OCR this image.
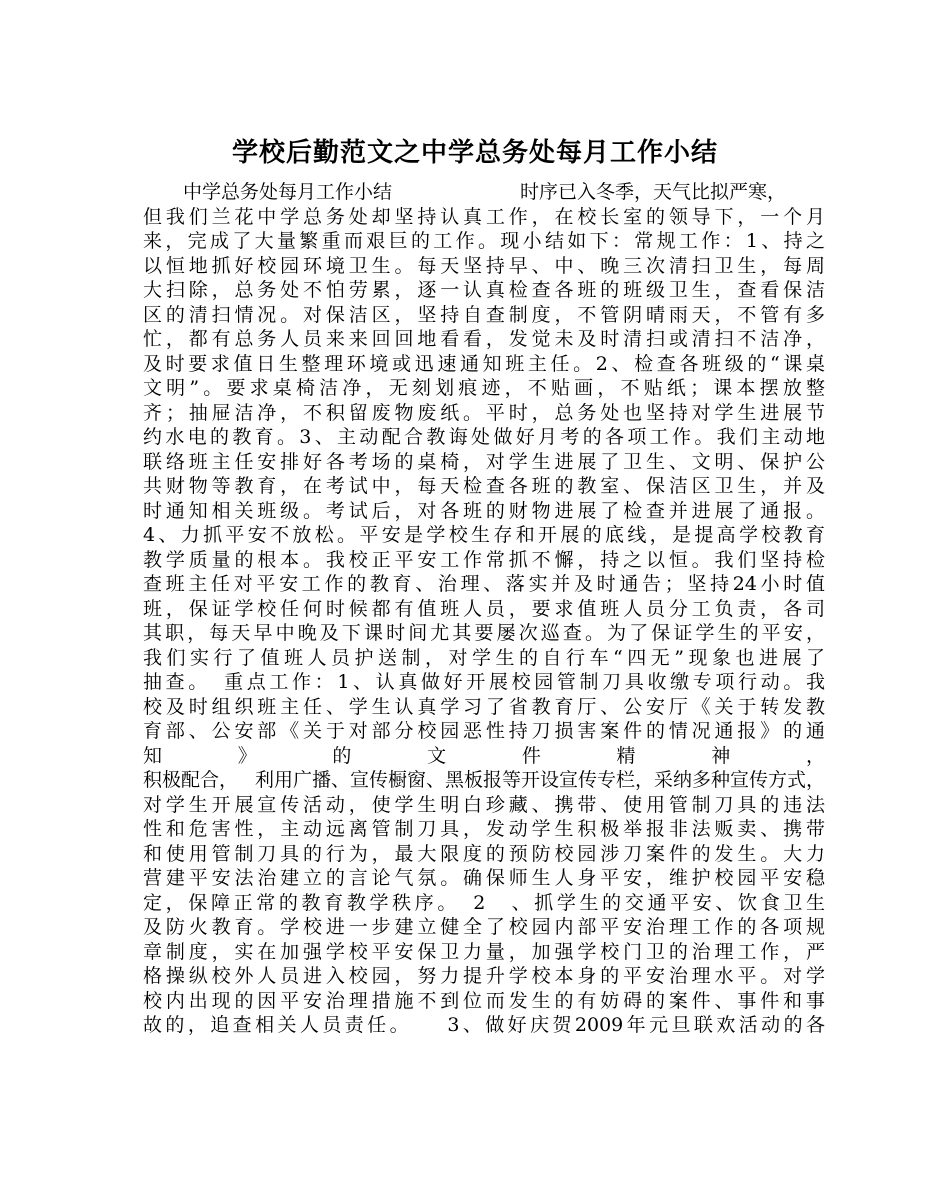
学校后勤范文之中学总务处每月工作小结
中学总务处每月工作小结	时序已入冬季，天气比拟严寒，
但我们兰花中学总务处却坚持认真工作，在校长室的领导下，一个月
来，完成了大量繁重而艰巨的工作。现小结如下：常规工作：1、持之
以恒地抓好校园环境卫生。每天坚持早、中、晚三次清扫卫生，每周
大扫除，总务处不怕劳累，逐一认真检查各班的班级卫生，查看保洁
区的清扫情况。对保洁区，坚持自查制度，不管阴晴雨天，不管有多
忙，都有总务人员来来回回地看看，发觉未及时清扫或清扫不洁净，
及时要求值日生整理环境或迅速通知班主任。2、检查各班级的“课桌
文明”。要求桌椅洁净，无刻划痕迹，不贴画，不贴纸；课本摆放整
齐；抽屉洁净，不积留废物废纸。平时，总务处也坚持对学生进展节
约水电的教育。3、主动配合教诲处做好月考的各项工作。我们主动地
联络班主任安排好各考场的桌椅，对学生进展了卫生、文明、保护公
共财物等教育，在考试中，每天检查各班的教室、保洁区卫生，并及
时通知相关班级。考试后，对各班的财物进展了检查并进展了通报。
4、力抓平安不放松。平安是学校生存和开展的底线，是提高学校教育
教学质量的根本。我校正平安工作常抓不懈，持之以恒。我们坚持检
查班主任对平安工作的教育、治理、落实并及时通告；坚持24小时值
班，保证学校任何时候都有值班人员，要求值班人员分工负责，各司
其职，每天早中晚及下课时间尤其要屡次巡查。为了保证学生的平安，
我们实行了值班人员护送制，对学生的自行车“四无”现象也进展了
抽查。　重点工作：1、认真做好开展校园管制刀具收缴专项行动。我
校及时组织班主任、学生认真学习了省教育厅、公安厅《关于转发教
育部、公安部《关于对部分校园恶性持刀损害案件的情况通报》的通
知》的文件精神，
积极配合， 利用广播、宣传橱窗、黑板报等开设宣传专栏，采纳多种宣传方式，
对学生开展宣传活动，使学生明白珍藏、携带、使用管制刀具的违法
性和危害性，主动远离管制刀具，发动学生积极举报非法贩卖、携带
和使用管制刀具的行为，最大限度的预防校园涉刀案件的发生。大力
营建平安法治建立的言论气氛。确保师生人身平安，维护校园平安稳
定，保障正常的教育教学秩序。　2　、抓学生的交通平安、饮食卫生
及防火教育。学校进一步建立健全了校园内部平安治理工作的各项规
章制度，实在加强学校平安保卫力量，加强学校门卫的治理工作，严
格操纵校外人员进入校园，努力提升学校本身的平安治理水平。对学
校内出现的因平安治理措施不到位而发生的有妨碍的案件、事件和事
故的，追查相关人员责任。　　3、做好庆贺2009年元旦联欢活动的各
